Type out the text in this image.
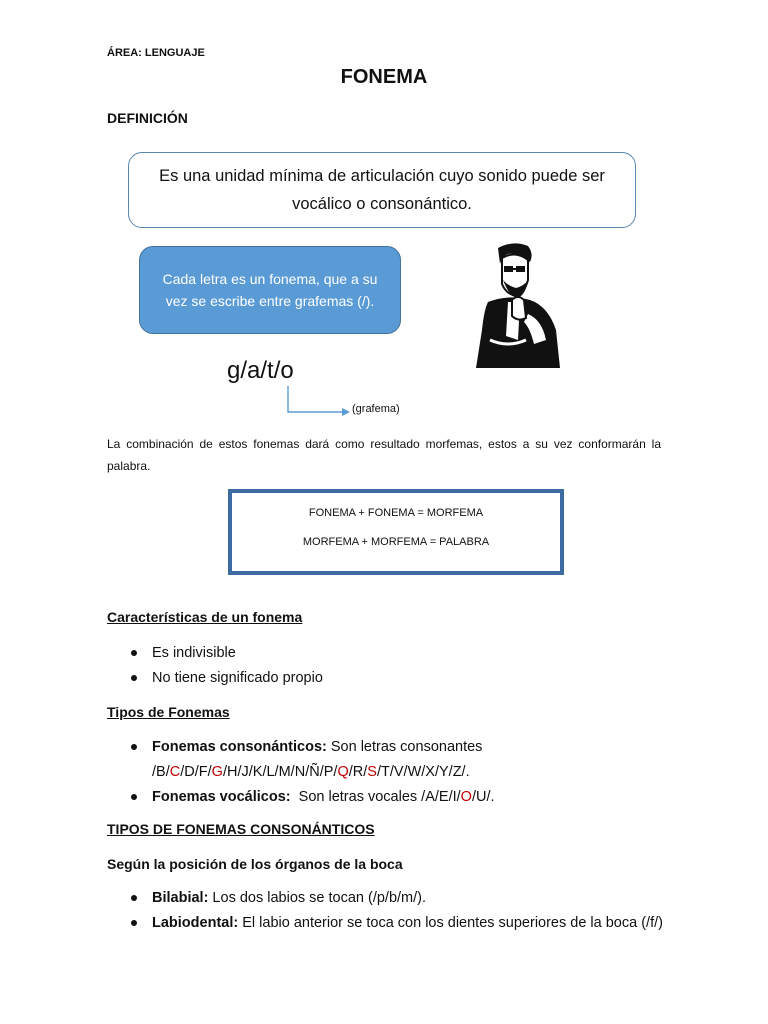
ÁREA: LENGUAJE
FONEMA
DEFINICIÓN
Es una unidad mínima de articulación cuyo sonido puede ser vocálico o consonántico.
Cada letra es un fonema, que a su vez se escribe entre grafemas (/).
g/a/t/o
(grafema)
La combinación de estos fonemas dará como resultado morfemas, estos a su vez conformarán la palabra.
FONEMA + FONEMA = MORFEMA
MORFEMA + MORFEMA = PALABRA
Características de un fonema
Es indivisible
No tiene significado propio
Tipos de Fonemas
Fonemas consonánticos: Son letras consonantes
/B/C/D/F/G/H/J/K/L/M/N/Ñ/P/Q/R/S/T/V/W/X/Y/Z/.
Fonemas vocálicos:  Son letras vocales /A/E/I/O/U/.
TIPOS DE FONEMAS CONSONÁNTICOS
Según la posición de los órganos de la boca
Bilabial: Los dos labios se tocan (/p/b/m/).
Labiodental: El labio anterior se toca con los dientes superiores de la boca (/f/)
